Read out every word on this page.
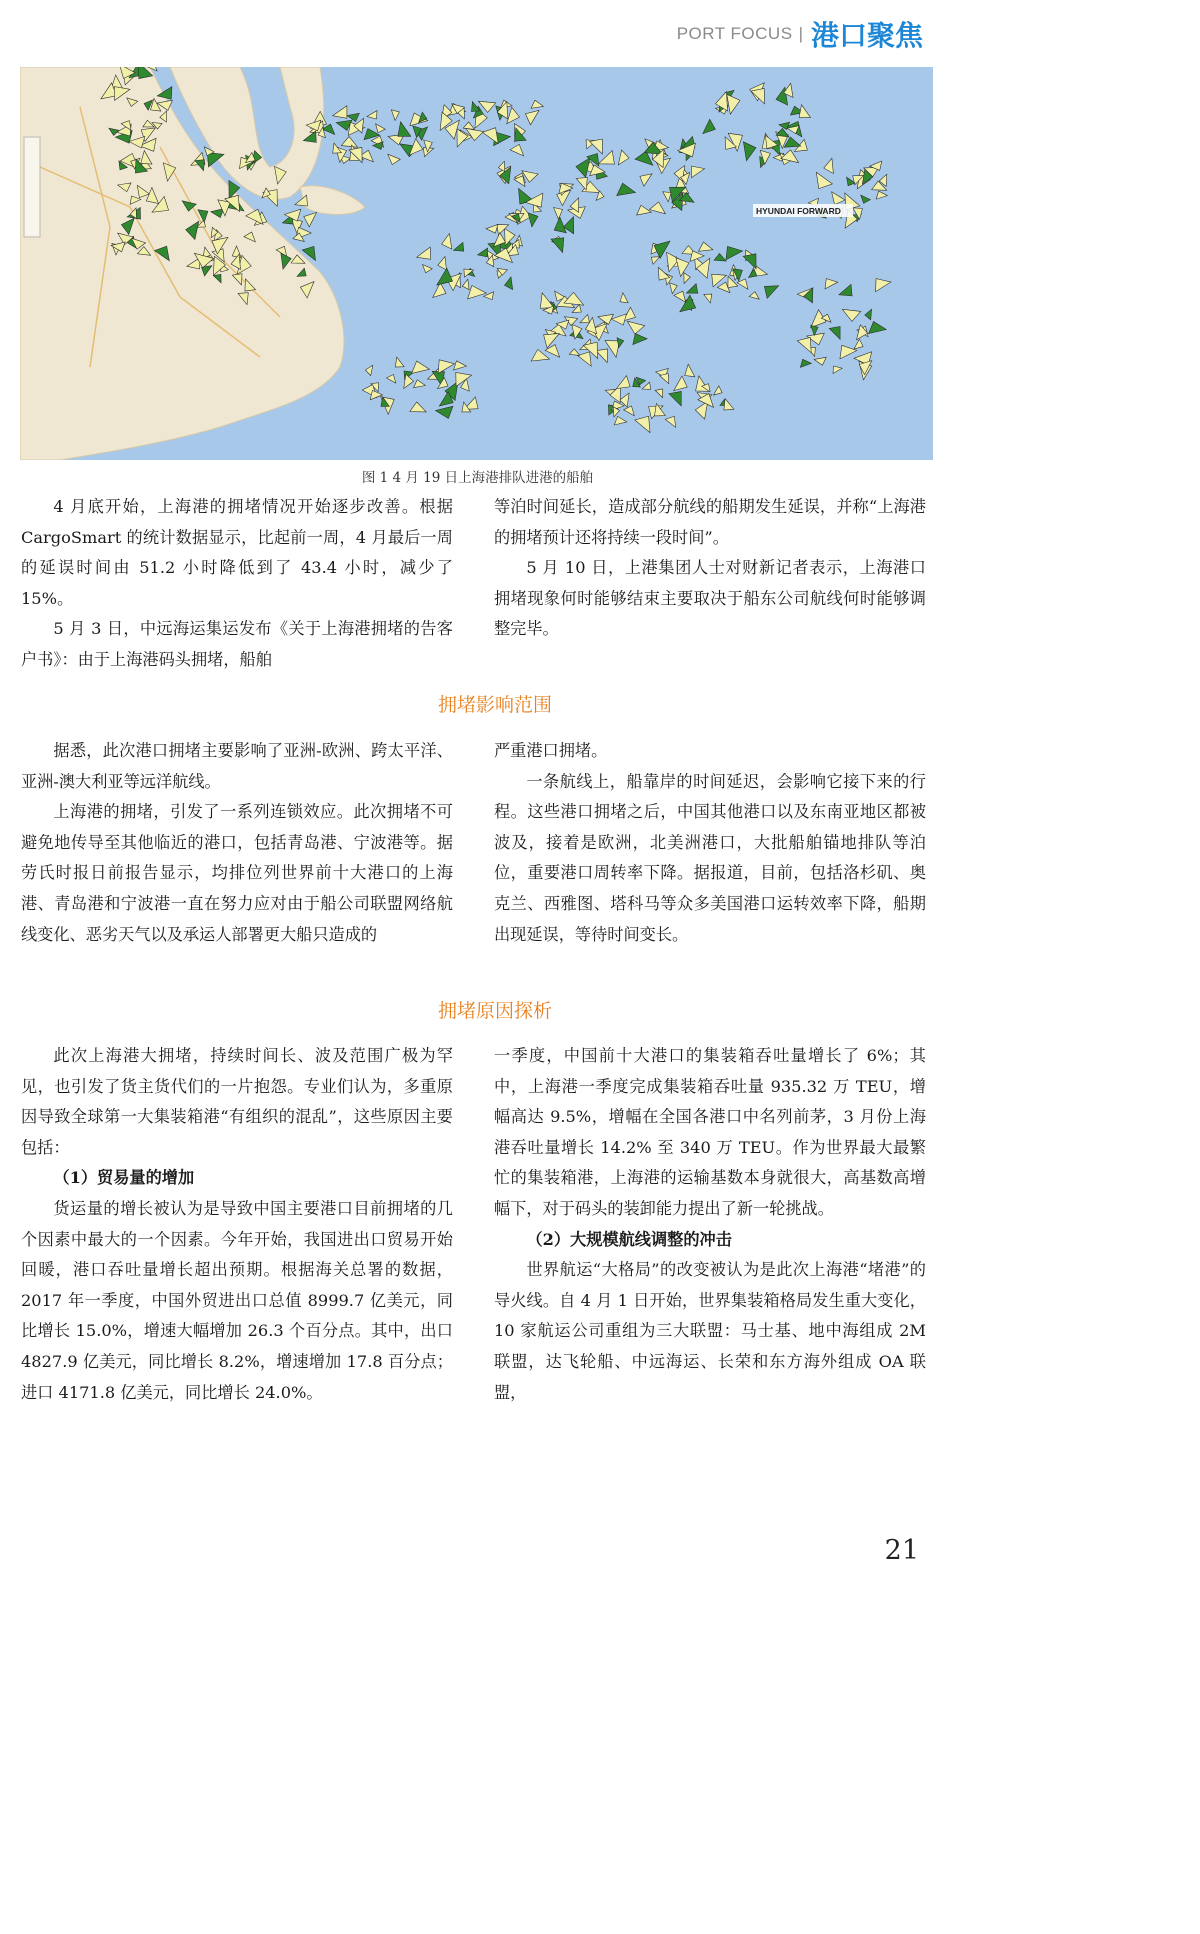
PORT FOCUS | 港口聚焦
HYUNDAI FORWARD
图 1 4 月 19 日上海港排队进港的船舶

4 月底开始，上海港的拥堵情况开始逐步改善。根据 CargoSmart 的统计数据显示，比起前一周，4 月最后一周的延误时间由 51.2 小时降低到了 43.4 小时，减少了 15%。

5 月 3 日，中远海运集运发布《关于上海港拥堵的告客户书》：由于上海港码头拥堵，船舶

等泊时间延长，造成部分航线的船期发生延误，并称“上海港的拥堵预计还将持续一段时间”。

5 月 10 日，上港集团人士对财新记者表示，上海港口拥堵现象何时能够结束主要取决于船东公司航线何时能够调整完毕。

拥堵影响范围

据悉，此次港口拥堵主要影响了亚洲-欧洲、跨太平洋、亚洲-澳大利亚等远洋航线。

上海港的拥堵，引发了一系列连锁效应。此次拥堵不可避免地传导至其他临近的港口，包括青岛港、宁波港等。据劳氏时报日前报告显示，均排位列世界前十大港口的上海港、青岛港和宁波港一直在努力应对由于船公司联盟网络航线变化、恶劣天气以及承运人部署更大船只造成的

严重港口拥堵。

一条航线上，船靠岸的时间延迟，会影响它接下来的行程。这些港口拥堵之后，中国其他港口以及东南亚地区都被波及，接着是欧洲，北美洲港口，大批船舶锚地排队等泊位，重要港口周转率下降。据报道，目前，包括洛杉矶、奥克兰、西雅图、塔科马等众多美国港口运转效率下降，船期出现延误，等待时间变长。

拥堵原因探析

此次上海港大拥堵，持续时间长、波及范围广极为罕见，也引发了货主货代们的一片抱怨。专业们认为，多重原因导致全球第一大集装箱港“有组织的混乱”，这些原因主要包括：

（1）贸易量的增加

货运量的增长被认为是导致中国主要港口目前拥堵的几个因素中最大的一个因素。今年开始，我国进出口贸易开始回暖，港口吞吐量增长超出预期。根据海关总署的数据，2017 年一季度，中国外贸进出口总值 8999.7 亿美元，同比增长 15.0%，增速大幅增加 26.3 个百分点。其中，出口 4827.9 亿美元，同比增长 8.2%，增速增加 17.8 百分点；进口 4171.8 亿美元，同比增长 24.0%。

一季度，中国前十大港口的集装箱吞吐量增长了 6%；其中，上海港一季度完成集装箱吞吐量 935.32 万 TEU，增幅高达 9.5%，增幅在全国各港口中名列前茅，3 月份上海港吞吐量增长 14.2% 至 340 万 TEU。作为世界最大最繁忙的集装箱港，上海港的运输基数本身就很大，高基数高增幅下，对于码头的装卸能力提出了新一轮挑战。

（2）大规模航线调整的冲击

世界航运“大格局”的改变被认为是此次上海港“堵港”的导火线。自 4 月 1 日开始，世界集装箱格局发生重大变化，10 家航运公司重组为三大联盟：马士基、地中海组成 2M 联盟，达飞轮船、中远海运、长荣和东方海外组成 OA 联盟，

21
